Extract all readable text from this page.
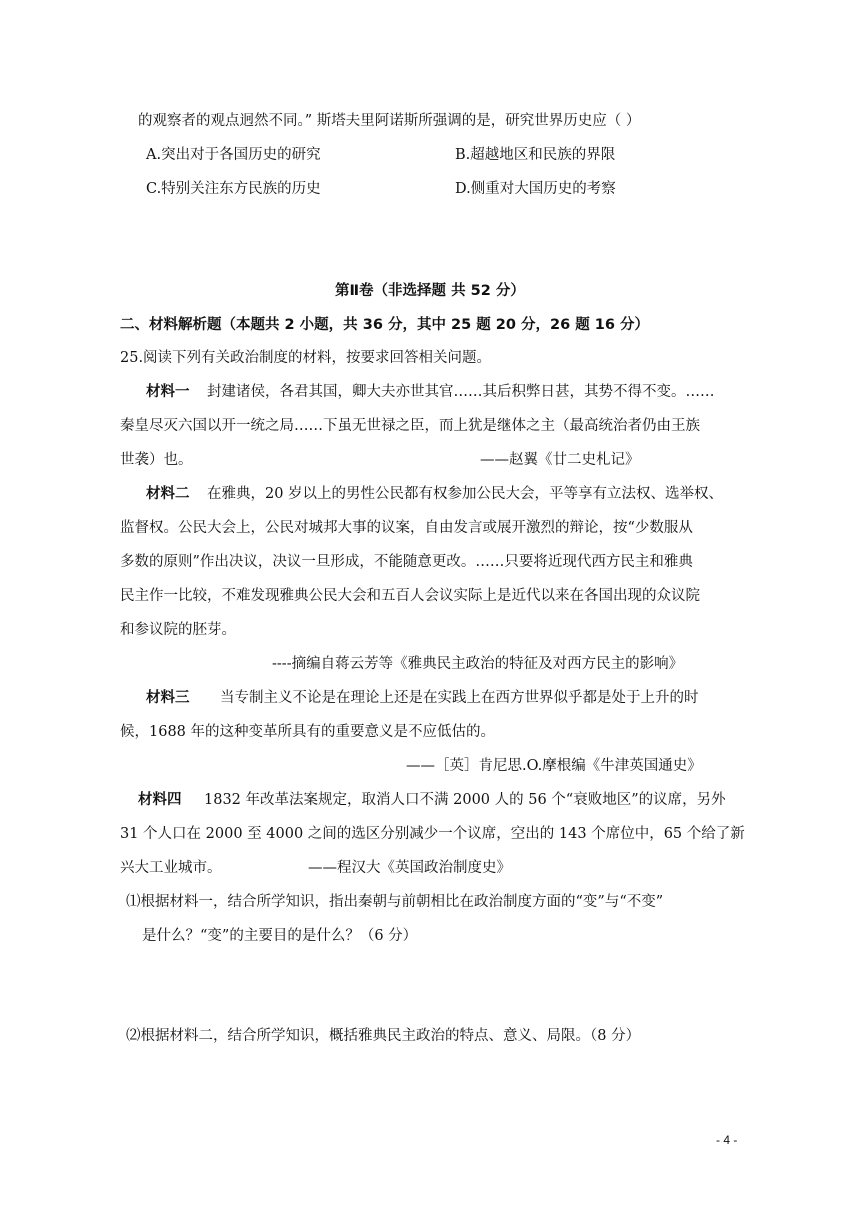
的观察者的观点迥然不同。” 斯塔夫里阿诺斯所强调的是，研究世界历史应（ ）
A.突出对于各国历史的研究	B.超越地区和民族的界限
C.特别关注东方民族的历史	D.侧重对大国历史的考察
第Ⅱ卷（非选择题 共 52 分）
二、材料解析题（本题共 2 小题，共 36 分，其中 25 题 20 分，26 题 16 分）
25.阅读下列有关政治制度的材料，按要求回答相关问题。
材料一 封建诸侯，各君其国，卿大夫亦世其官……其后积弊日甚，其势不得不变。……
秦皇尽灭六国以开一统之局……下虽无世禄之臣，而上犹是继体之主（最高统治者仍由王族
世袭）也。	——赵翼《廿二史札记》
材料二 在雅典，20 岁以上的男性公民都有权参加公民大会，平等享有立法权、选举权、
监督权。公民大会上，公民对城邦大事的议案，自由发言或展开激烈的辩论，按“少数服从
多数的原则”作出决议，决议一旦形成，不能随意更改。……只要将近现代西方民主和雅典
民主作一比较，不难发现雅典公民大会和五百人会议实际上是近代以来在各国出现的众议院
和参议院的胚芽。
----摘编自蒋云芳等《雅典民主政治的特征及对西方民主的影响》
材料三 当专制主义不论是在理论上还是在实践上在西方世界似乎都是处于上升的时
候，1688 年的这种变革所具有的重要意义是不应低估的。
——［英］肯尼思.O.摩根编《牛津英国通史》
材料四 1832 年改革法案规定，取消人口不满 2000 人的 56 个“衰败地区”的议席，另外
31 个人口在 2000 至 4000 之间的选区分别减少一个议席，空出的 143 个席位中，65 个给了新
兴大工业城市。	——程汉大《英国政治制度史》
⑴根据材料一，结合所学知识，指出秦朝与前朝相比在政治制度方面的“变”与“不变”
是什么？“变”的主要目的是什么？（6 分）
⑵根据材料二，结合所学知识，概括雅典民主政治的特点、意义、局限。（8 分）
- 4 -
